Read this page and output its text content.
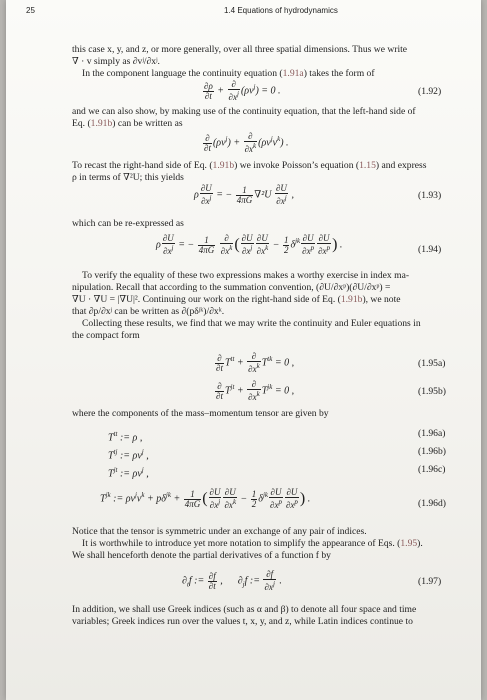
25	1.4 Equations of hydrodynamics
this case x, y, and z, or more generally, over all three spatial dimensions. Thus we write
∇ · v simply as ∂vʲ/∂xʲ.
In the component language the continuity equation (1.91a) takes the form of
$\frac{\partial\rho}{\partial t} + \frac{\partial}{\partial x^j} (\rho v^j) = 0$ .	(1.92)
and we can also show, by making use of the continuity equation, that the left-hand side of
Eq. (1.91b) can be written as
$\frac{\partial}{\partial t} (\rho v^j) + \frac{\partial}{\partial x^k} (\rho v^jv^k)$ .
To recast the right-hand side of Eq. (1.91b) we invoke Poisson’s equation (1.15) and express
ρ in terms of ∇²U; this yields
ρ $\frac{\partial U}{\partial x^j}$ = − $\frac{1}{4\pi G} \nabla^2U \frac{\partial U}{\partial x^j}$ ,	(1.93)
which can be re-expressed as
ρ $\frac{\partial U}{\partial x^j}$ = − $\frac{1}{4\pi G}$
$\frac{\partial}{\partial x^k}$ ( $\frac{\partial U}{\partial x^j} \frac{\partial U}{\partial x^k} - \frac{1}{2} \delta^{jk} \frac{\partial U}{\partial x^p} \frac{\partial U}{\partial x^p}$ ) .	(1.94)
To verify the equality of these two expressions makes a worthy exercise in index ma-
nipulation. Recall that according to the summation convention, (∂U/∂xᵖ)(∂U/∂xᵖ) =
∇U · ∇U = |∇U|². Continuing our work on the right-hand side of Eq. (1.91b), we note
that ∂p/∂xʲ can be written as ∂(pδʲᵏ)/∂xᵏ.
Collecting these results, we find that we may write the continuity and Euler equations in
the compact form
$\frac{\partial}{\partial t} T^{tt} + \frac{\partial}{\partial x^k} T^{tk} = 0$ ,	(1.95a)
$\frac{\partial}{\partial t} T^{jt} + \frac{\partial}{\partial x^k} T^{jk} = 0$ ,	(1.95b)
where the components of the mass–momentum tensor are given by
$T^{tt}$ := ρ ,	(1.96a)
$T^{tj}$ := $\rho v^j$ ,	(1.96b)
$T^{jt}$ := $\rho v^j$ ,	(1.96c)
$T^{jk}$ := $\rho v^jv^k + p\delta^{jk} + \frac{1}{4\pi G}$ ( $\frac{\partial U}{\partial x^j} \frac{\partial U}{\partial x^k} - \frac{1}{2} \delta^{jk} \frac{\partial U}{\partial x^p} \frac{\partial U}{\partial x^p}$ ) .	(1.96d)
Notice that the tensor is symmetric under an exchange of any pair of indices.
It is worthwhile to introduce yet more notation to simplify the appearance of Eqs. (1.95).
We shall henceforth denote the partial derivatives of a function f by
$\partial_tf$ := $\frac{\partial f}{\partial t}$ ,      $\partial_jf$ := $\frac{\partial f}{\partial x^j}$ .	(1.97)
In addition, we shall use Greek indices (such as α and β) to denote all four space and time
variables; Greek indices run over the values t, x, y, and z, while Latin indices continue to
